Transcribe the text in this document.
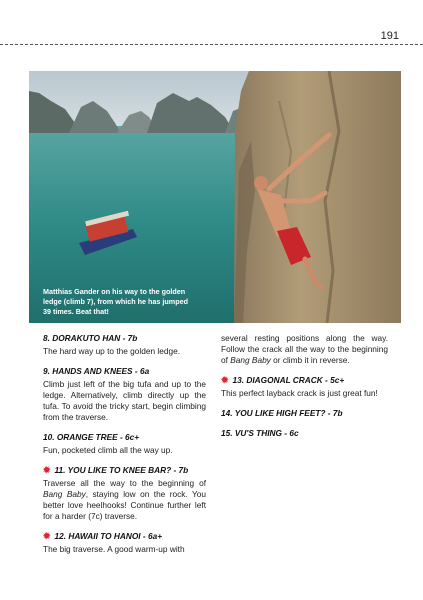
191
Matthias Gander on his way to the golden ledge (climb 7), from which he has jumped 39 times. Beat that!
8. DORAKUTO HAN - 7b
The hard way up to the golden ledge.
9. HANDS AND KNEES - 6a
Climb just left of the big tufa and up to the ledge. Alternatively, climb directly up the tufa. To avoid the tricky start, begin climbing from the traverse.
10. ORANGE TREE - 6c+
Fun, pocketed climb all the way up.
✹ 11. YOU LIKE TO KNEE BAR? - 7b
Traverse all the way to the beginning of Bang Baby, staying low on the rock. You better love heelhooks! Continue further left for a harder (7c) traverse.
✹ 12. HAWAII TO HANOI - 6a+
The big traverse. A good warm-up with
several resting positions along the way. Follow the crack all the way to the beginning of Bang Baby or climb it in reverse.
✹ 13. DIAGONAL CRACK - 5c+
This perfect layback crack is just great fun!
14. YOU LIKE HIGH FEET? - 7b
15. VU'S THING - 6c
